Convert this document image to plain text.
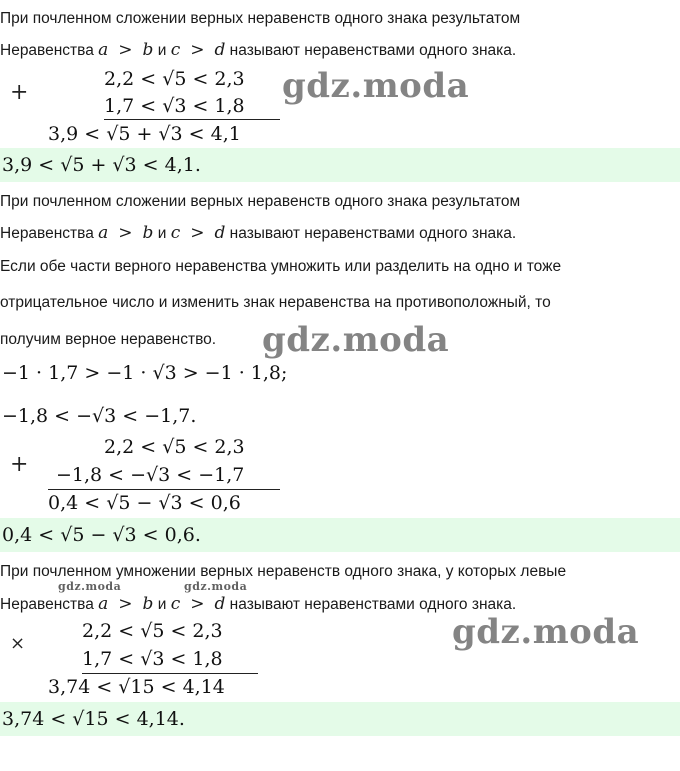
При почленном сложении верных неравенств одного знака результатом
Неравенства a > b и c > d называют неравенствами одного знака.
+
2,2 < √5 < 2,3
1,7 < √3 < 1,8
3,9 < √5 + √3 < 4,1
3,9 < √5 + √3 < 4,1.
При почленном сложении верных неравенств одного знака результатом
Неравенства a > b и c > d называют неравенствами одного знака.
Если обе части верного неравенства умножить или разделить на одно и тоже
отрицательное число и изменить знак неравенства на противоположный, то
получим верное неравенство.
−1 · 1,7 > −1 · √3 > −1 · 1,8;
−1,8 < −√3 < −1,7.
+
2,2 < √5 < 2,3
−1,8 < −√3 < −1,7
0,4 < √5 − √3 < 0,6
0,4 < √5 − √3 < 0,6.
При почленном умножении верных неравенств одного знака, у которых левые
Неравенства a > b и c > d называют неравенствами одного знака.
×
2,2 < √5 < 2,3
1,7 < √3 < 1,8
3,74 < √15 < 4,14
3,74 < √15 < 4,14.
gdz.moda
gdz.moda
gdz.moda	gdz.moda
gdz.moda
